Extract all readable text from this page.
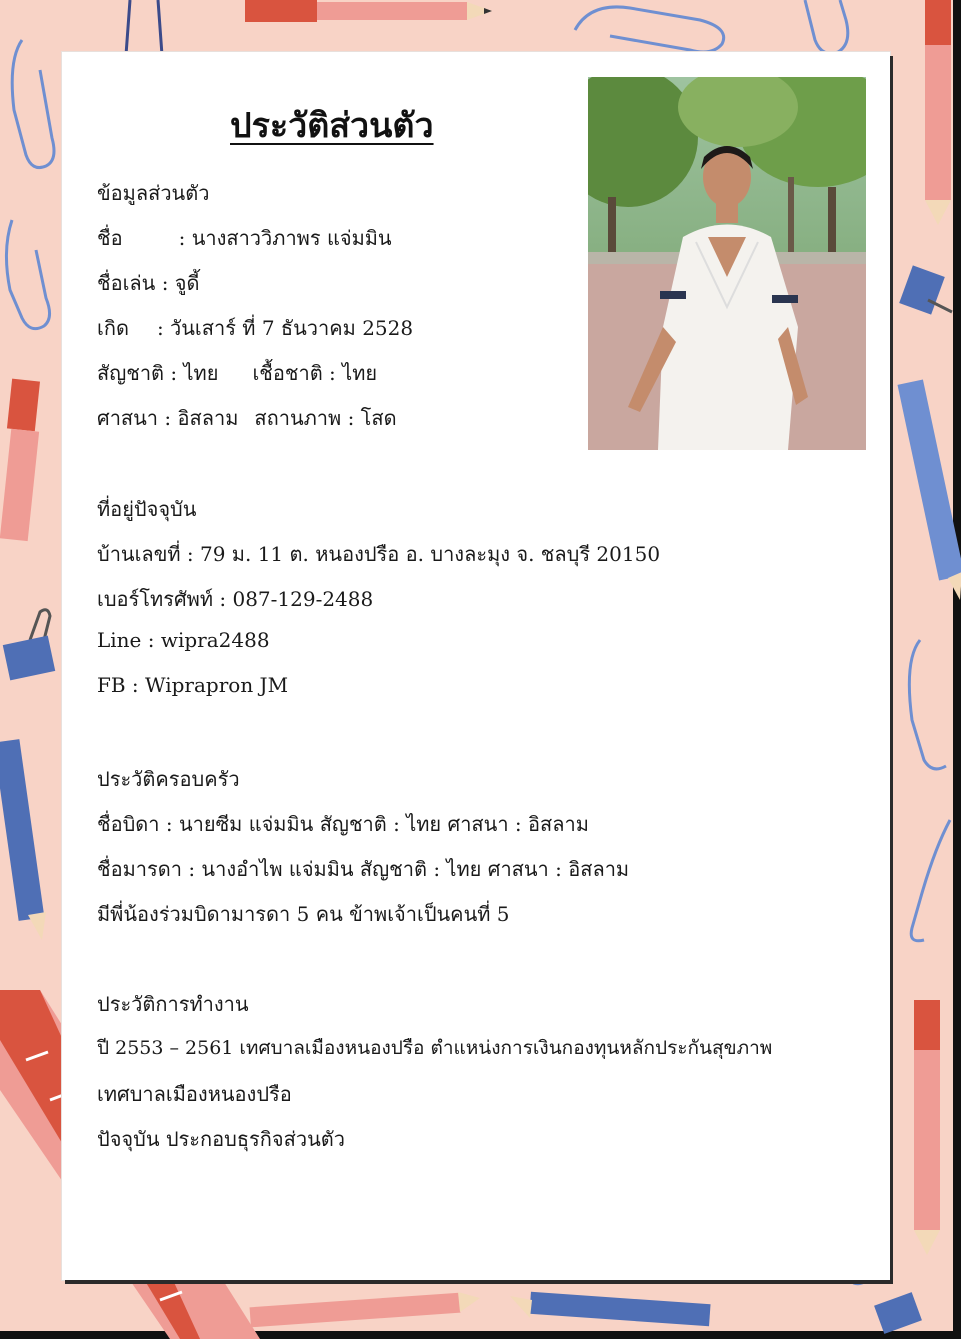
ประวัติส่วนตัว

ข้อมูลส่วนตัว

ชื่อ	: นางสาววิภาพร แจ่มมิน

ชื่อเล่น : จูดี้

เกิด : วันเสาร์ ที่ 7 ธันวาคม 2528

สัญชาติ : ไทย เชื้อชาติ : ไทย

ศาสนา : อิสลาม สถานภาพ : โสด

ที่อยู่ปัจจุบัน

บ้านเลขที่ : 79 ม. 11 ต. หนองปรือ อ. บางละมุง จ. ชลบุรี 20150

เบอร์โทรศัพท์ : 087-129-2488

Line : wipra2488

FB : Wiprapron JM

ประวัติครอบครัว

ชื่อบิดา : นายซีม แจ่มมิน สัญชาติ : ไทย ศาสนา : อิสลาม

ชื่อมารดา : นางอำไพ แจ่มมิน สัญชาติ : ไทย ศาสนา : อิสลาม

มีพี่น้องร่วมบิดามารดา 5 คน ข้าพเจ้าเป็นคนที่ 5

ประวัติการทำงาน

ปี 2553 – 2561 เทศบาลเมืองหนองปรือ ตำแหน่งการเงินกองทุนหลักประกันสุขภาพ

เทศบาลเมืองหนองปรือ

ปัจจุบัน ประกอบธุรกิจส่วนตัว
